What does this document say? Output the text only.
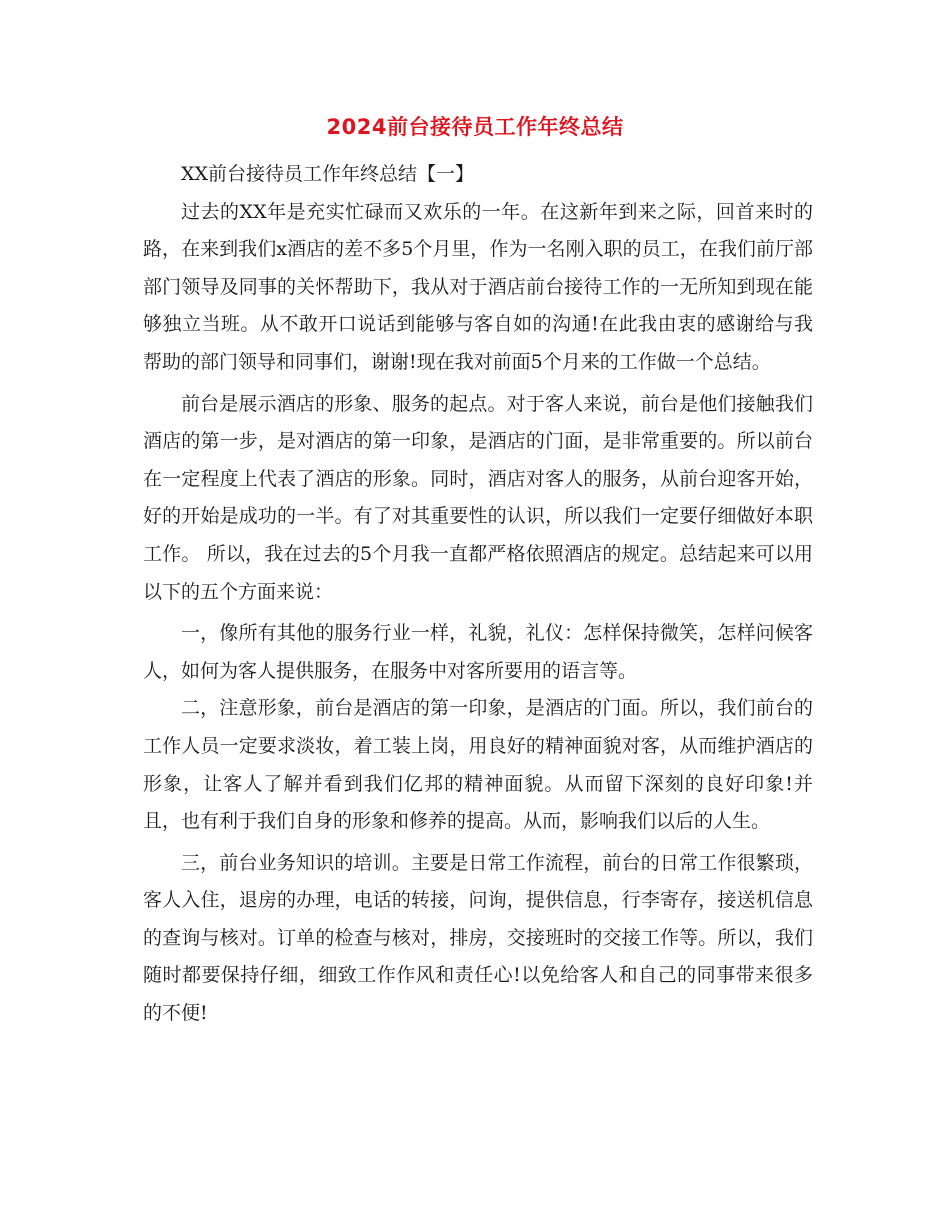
2024前台接待员工作年终总结

XX前台接待员工作年终总结【一】

过去的XX年是充实忙碌而又欢乐的一年。在这新年到来之际，回首来时的路，在来到我们x酒店的差不多5个月里，作为一名刚入职的员工，在我们前厅部部门领导及同事的关怀帮助下，我从对于酒店前台接待工作的一无所知到现在能够独立当班。从不敢开口说话到能够与客自如的沟通!在此我由衷的感谢给与我帮助的部门领导和同事们，谢谢!现在我对前面5个月来的工作做一个总结。

前台是展示酒店的形象、服务的起点。对于客人来说，前台是他们接触我们酒店的第一步，是对酒店的第一印象，是酒店的门面，是非常重要的。所以前台在一定程度上代表了酒店的形象。同时，酒店对客人的服务，从前台迎客开始，好的开始是成功的一半。有了对其重要性的认识，所以我们一定要仔细做好本职工作。 所以，我在过去的5个月我一直都严格依照酒店的规定。总结起来可以用以下的五个方面来说：

一，像所有其他的服务行业一样，礼貌，礼仪：怎样保持微笑，怎样问候客人，如何为客人提供服务，在服务中对客所要用的语言等。

二，注意形象，前台是酒店的第一印象，是酒店的门面。所以，我们前台的工作人员一定要求淡妆，着工装上岗，用良好的精神面貌对客，从而维护酒店的形象，让客人了解并看到我们亿邦的精神面貌。从而留下深刻的良好印象!并且，也有利于我们自身的形象和修养的提高。从而，影响我们以后的人生。

三，前台业务知识的培训。主要是日常工作流程，前台的日常工作很繁琐，客人入住，退房的办理，电话的转接，问询，提供信息，行李寄存，接送机信息的查询与核对。订单的检查与核对，排房，交接班时的交接工作等。所以，我们随时都要保持仔细，细致工作作风和责任心!以免给客人和自己的同事带来很多的不便!
